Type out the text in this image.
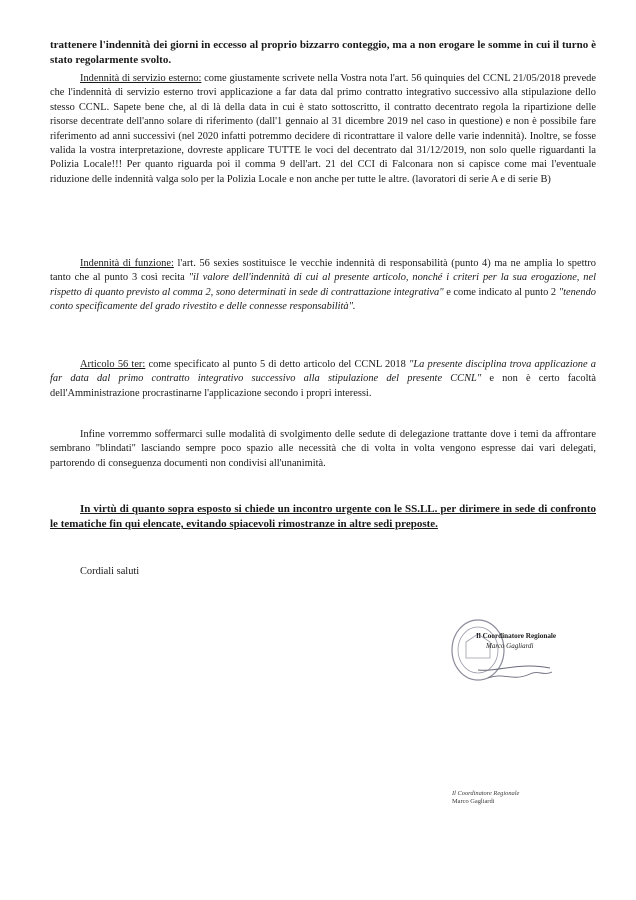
trattenere l'indennità dei giorni in eccesso al proprio bizzarro conteggio, ma a non erogare le somme in cui il turno è stato regolarmente svolto.
Indennità di servizio esterno: come giustamente scrivete nella Vostra nota l'art. 56 quinquies del CCNL 21/05/2018 prevede che l'indennità di servizio esterno trovi applicazione a far data dal primo contratto integrativo successivo alla stipulazione dello stesso CCNL. Sapete bene che, al di là della data in cui è stato sottoscritto, il contratto decentrato regola la ripartizione delle risorse decentrate dell'anno solare di riferimento (dall'1 gennaio al 31 dicembre 2019 nel caso in questione) e non è possibile fare riferimento ad anni successivi (nel 2020 infatti potremmo decidere di ricontrattare il valore delle varie indennità). Inoltre, se fosse valida la vostra interpretazione, dovreste applicare TUTTE le voci del decentrato dal 31/12/2019, non solo quelle riguardanti la Polizia Locale!!! Per quanto riguarda poi il comma 9 dell'art. 21 del CCI di Falconara non si capisce come mai l'eventuale riduzione delle indennità valga solo per la Polizia Locale e non anche per tutte le altre. (lavoratori di serie A e di serie B)
Indennità di funzione: l'art. 56 sexies sostituisce le vecchie indennità di responsabilità (punto 4) ma ne amplia lo spettro tanto che al punto 3 così recita "il valore dell'indennità di cui al presente articolo, nonché i criteri per la sua erogazione, nel rispetto di quanto previsto al comma 2, sono determinati in sede di contrattazione integrativa" e come indicato al punto 2 "tenendo conto specificamente del grado rivestito e delle connesse responsabilità".
Articolo 56 ter: come specificato al punto 5 di detto articolo del CCNL 2018 "La presente disciplina trova applicazione a far data dal primo contratto integrativo successivo alla stipulazione del presente CCNL" e non è certo facoltà dell'Amministrazione procrastinarne l'applicazione secondo i propri interessi.
Infine vorremmo soffermarci sulle modalità di svolgimento delle sedute di delegazione trattante dove i temi da affrontare sembrano "blindati" lasciando sempre poco spazio alle necessità che di volta in volta vengono espresse dai vari delegati, partorendo di conseguenza documenti non condivisi all'unanimità.
In virtù di quanto sopra esposto si chiede un incontro urgente con le SS.LL. per dirimere in sede di confronto le tematiche fin qui elencate, evitando spiacevoli rimostranze in altre sedi preposte.
Cordiali saluti
Il Coordinatore Regionale
Marco Gagliardi
Il Coordinatore Regionale
Marco Gagliardi
